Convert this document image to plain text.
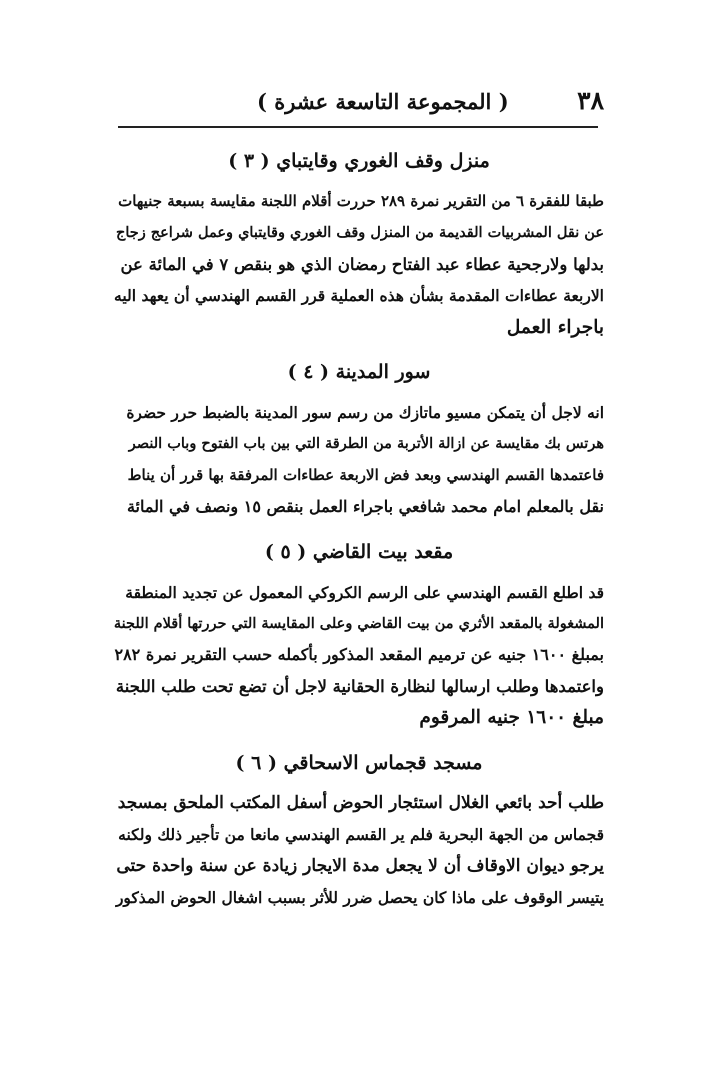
( المجموعة التاسعة عشرة )	٣٨
( ٣ ) منزل وقف الغوري وقايتباي
طبقا للفقرة ٦ من التقرير نمرة ٢٨٩ حررت أقلام اللجنة مقايسة بسبعة جنيهات
عن نقل المشربيات القديمة من المنزل وقف الغوري وقايتباي وعمل شراعج زجاج
بدلها ولارجحية عطاء عبد الفتاح رمضان الذي هو بنقص ٧ في المائة عن
الاربعة عطاءات المقدمة بشأن هذه العملية قرر القسم الهندسي أن يعهد اليه
باجراء العمل
( ٤ ) سور المدينة
انه لاجل أن يتمكن مسيو ماتازك من رسم سور المدينة بالضبط حرر حضرة
هرتس بك مقايسة عن ازالة الأتربة من الطرقة التي بين باب الفتوح وباب النصر
فاعتمدها القسم الهندسي وبعد فض الاربعة عطاءات المرفقة بها قرر أن يناط
نقل بالمعلم امام محمد شافعي باجراء العمل بنقص ١٥ ونصف في المائة
( ٥ ) مقعد بيت القاضي
قد اطلع القسم الهندسي على الرسم الكروكي المعمول عن تجديد المنطقة
المشغولة بالمقعد الأثري من بيت القاضي وعلى المقايسة التي حررتها أقلام اللجنة
بمبلغ ١٦٠٠ جنيه عن ترميم المقعد المذكور بأكمله حسب التقرير نمرة ٢٨٢
واعتمدها وطلب ارسالها لنظارة الحقانية لاجل أن تضع تحت طلب اللجنة
مبلغ ١٦٠٠ جنيه المرقوم
( ٦ ) مسجد قجماس الاسحاقي
طلب أحد بائعي الغلال استئجار الحوض أسفل المكتب الملحق بمسجد
قجماس من الجهة البحرية فلم ير القسم الهندسي مانعا من تأجير ذلك ولكنه
يرجو ديوان الاوقاف أن لا يجعل مدة الايجار زيادة عن سنة واحدة حتى
يتيسر الوقوف على ماذا كان يحصل ضرر للأثر بسبب اشغال الحوض المذكور
